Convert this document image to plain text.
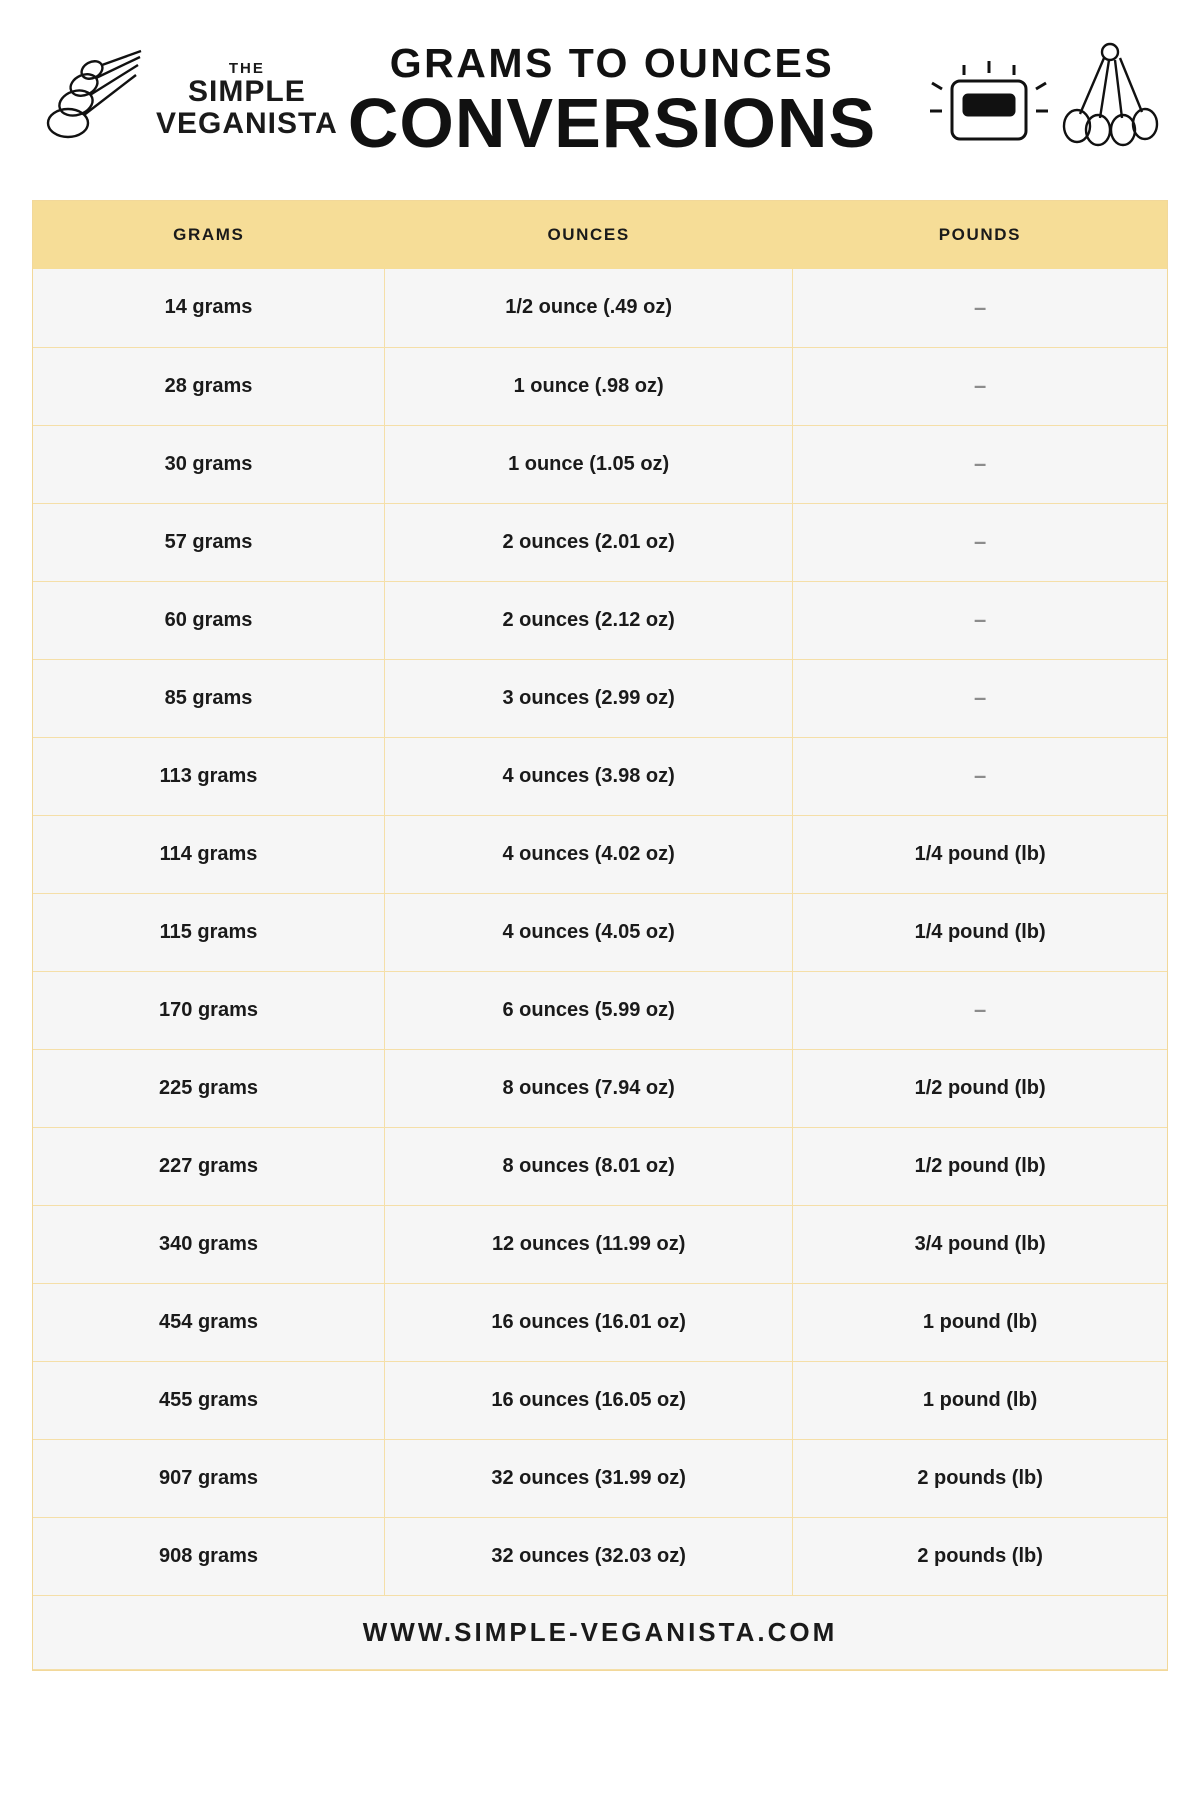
THE
SIMPLE
VEGANISTA
GRAMS TO OUNCES
CONVERSIONS
GRAMS	OUNCES	POUNDS
14 grams	1/2 ounce (.49 oz)	–
28 grams	1 ounce (.98 oz)	–
30 grams	1 ounce (1.05 oz)	–
57 grams	2 ounces (2.01 oz)	–
60 grams	2 ounces (2.12 oz)	–
85 grams	3 ounces (2.99 oz)	–
113 grams	4 ounces (3.98 oz)	–
114 grams	4 ounces (4.02 oz)	1/4 pound (lb)
115 grams	4 ounces (4.05 oz)	1/4 pound (lb)
170 grams	6 ounces (5.99 oz)	–
225 grams	8 ounces (7.94 oz)	1/2 pound (lb)
227 grams	8 ounces (8.01 oz)	1/2 pound (lb)
340 grams	12 ounces (11.99 oz)	3/4 pound (lb)
454 grams	16 ounces (16.01 oz)	1 pound (lb)
455 grams	16 ounces (16.05 oz)	1 pound (lb)
907 grams	32 ounces (31.99 oz)	2 pounds (lb)
908 grams	32 ounces (32.03 oz)	2 pounds (lb)
WWW.SIMPLE-VEGANISTA.COM		
